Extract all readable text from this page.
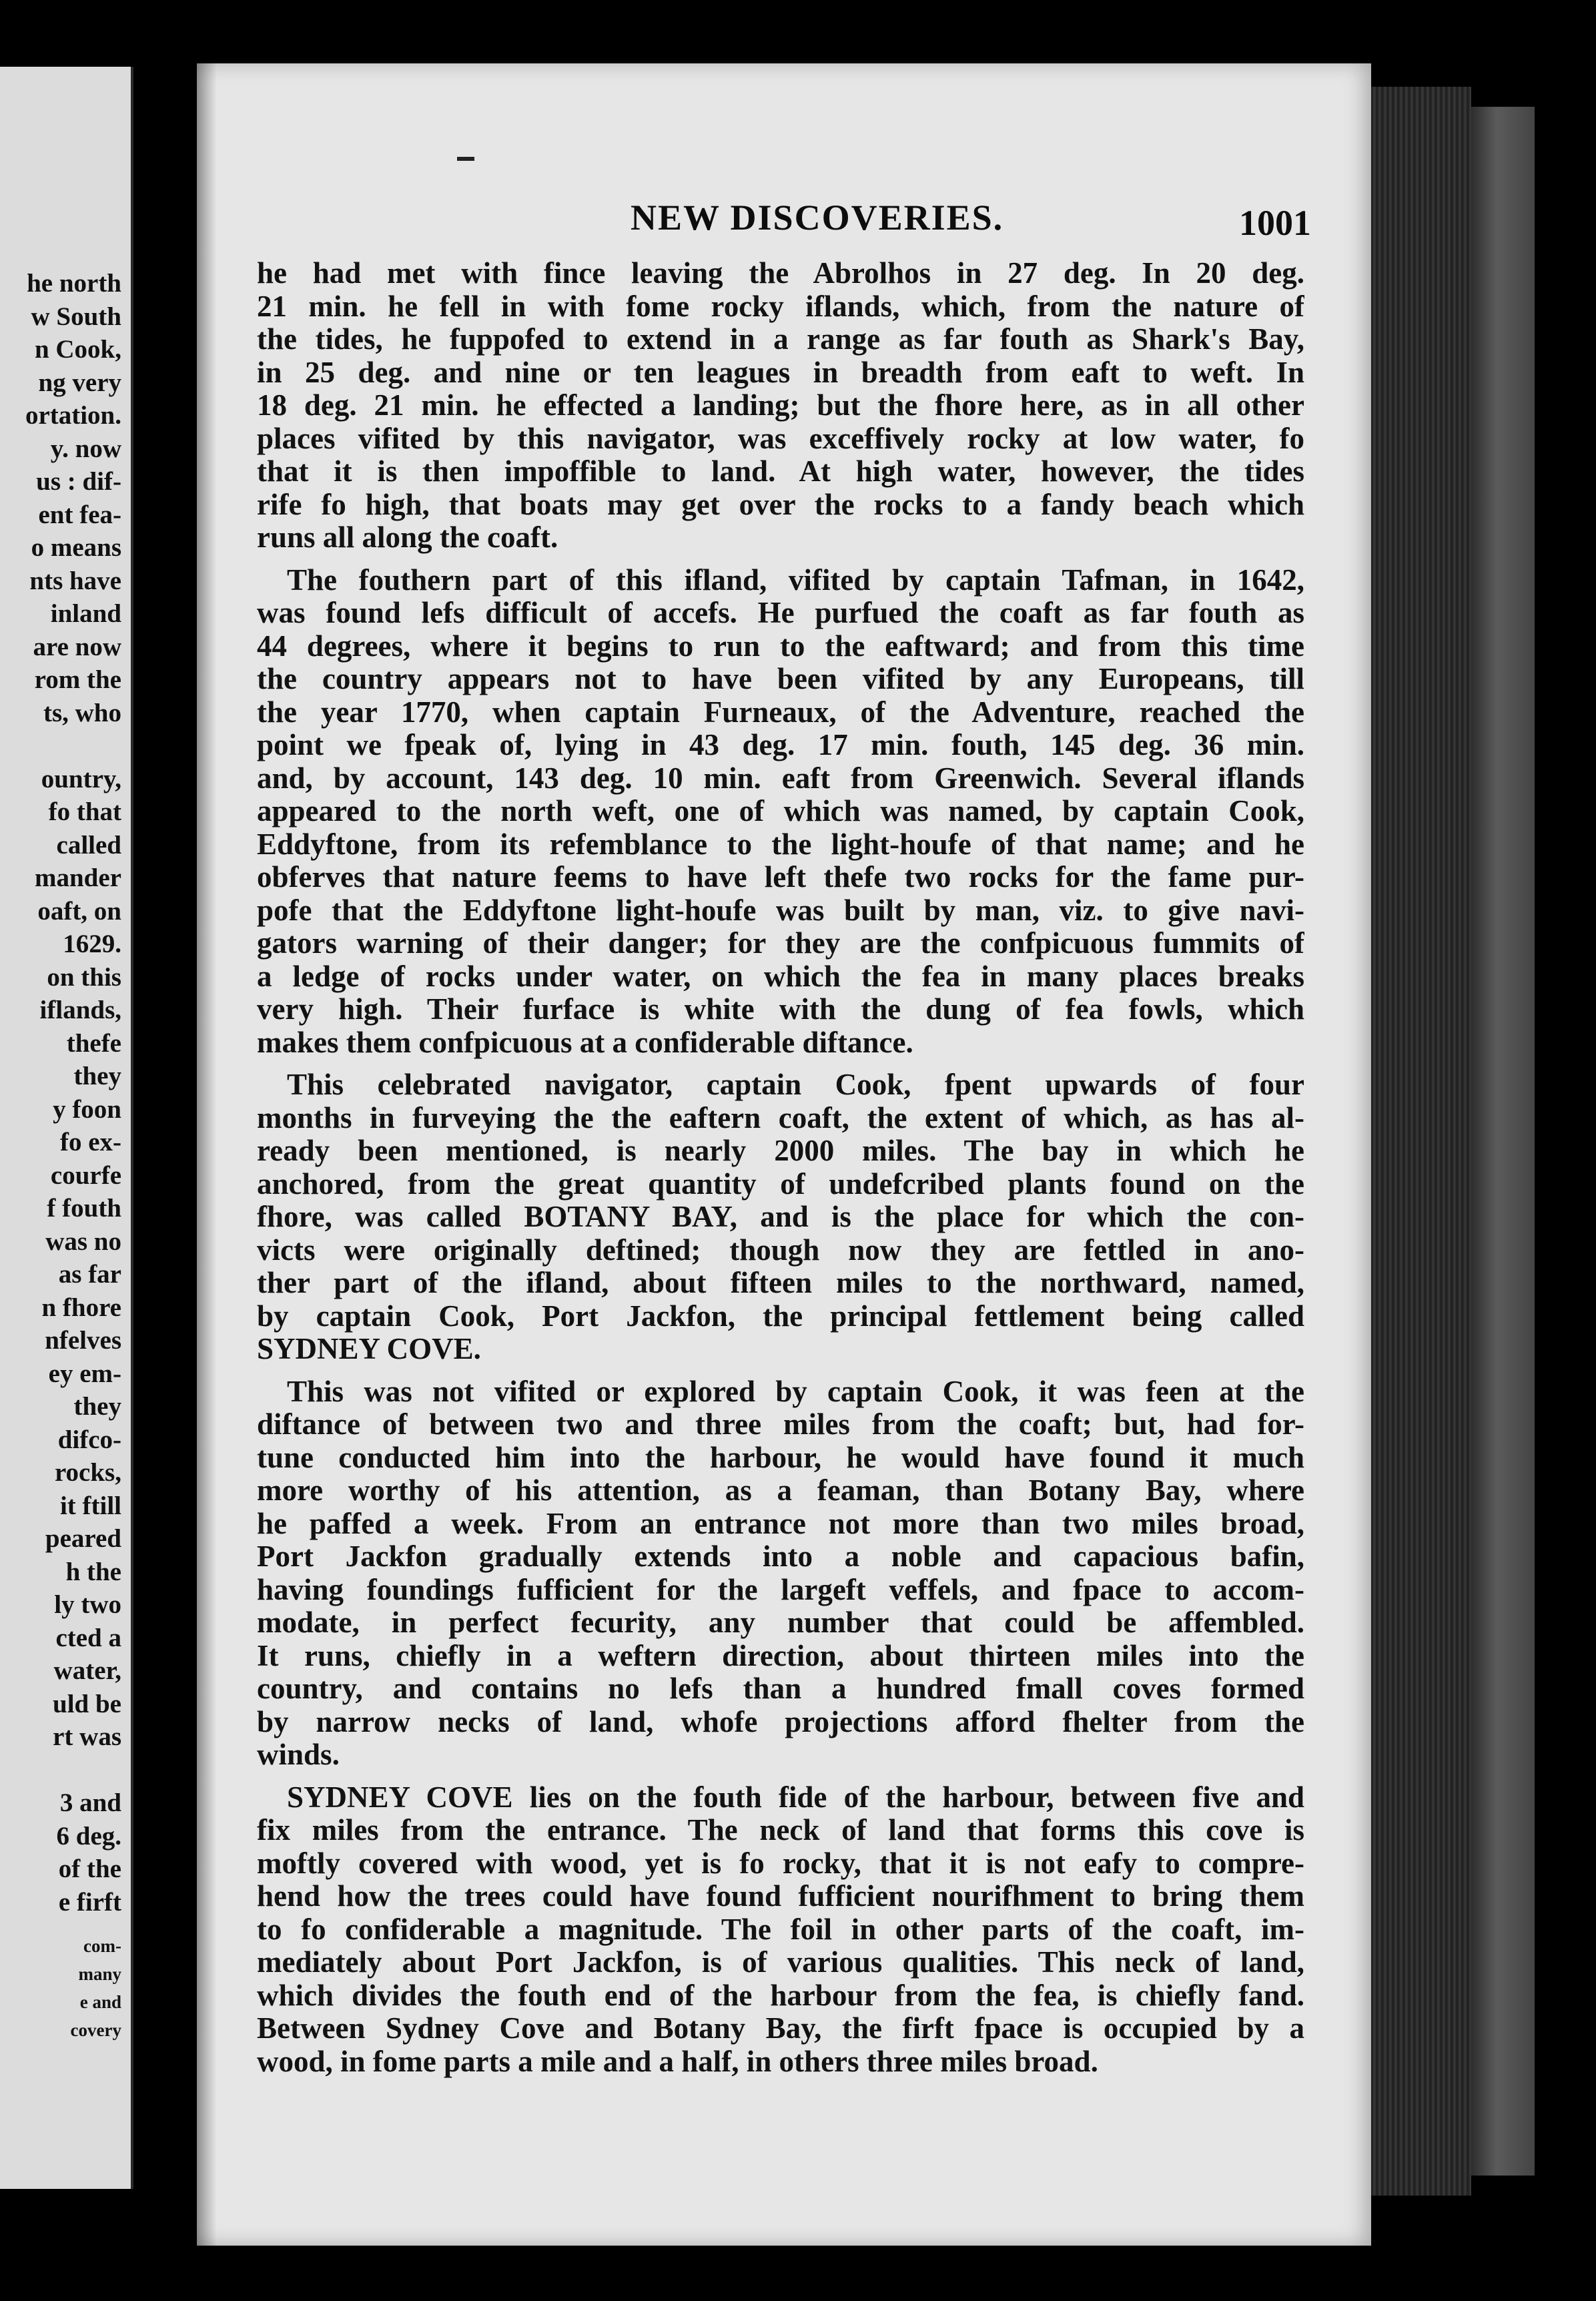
he north
w South
n Cook,
ng very
ortation.
y. now
us : dif-
ent fea-
o means
nts have
inland
are now
rom the
ts, who
ountry,
fo that
called
mander
oaft, on
1629.
on this
iflands,
thefe
they
y foon
fo ex-
courfe
f fouth
was no
as far
n fhore
nfelves
ey em-
they
difco-
rocks,
it ftill
peared
h the
ly two
cted a
water,
uld be
rt was
3 and
6 deg.
of the
e firft
com-
many
e and
covery
NEW DISCOVERIES.	1001
he had met with fince leaving the Abrolhos in 27 deg. In 20 deg.
21 min. he fell in with fome rocky iflands, which, from the nature of
the tides, he fuppofed to extend in a range as far fouth as Shark's Bay,
in 25 deg. and nine or ten leagues in breadth from eaft to weft. In
18 deg. 21 min. he effected a landing; but the fhore here, as in all other
places vifited by this navigator, was exceffively rocky at low water, fo
that it is then impoffible to land. At high water, however, the tides
rife fo high, that boats may get over the rocks to a fandy beach which
runs all along the coaft.
The fouthern part of this ifland, vifited by captain Tafman, in 1642,
was found lefs difficult of accefs. He purfued the coaft as far fouth as
44 degrees, where it begins to run to the eaftward; and from this time
the country appears not to have been vifited by any Europeans, till
the year 1770, when captain Furneaux, of the Adventure, reached the
point we fpeak of, lying in 43 deg. 17 min. fouth, 145 deg. 36 min.
and, by account, 143 deg. 10 min. eaft from Greenwich. Several iflands
appeared to the north weft, one of which was named, by captain Cook,
Eddyftone, from its refemblance to the light-houfe of that name; and he
obferves that nature feems to have left thefe two rocks for the fame pur-
pofe that the Eddyftone light-houfe was built by man, viz. to give navi-
gators warning of their danger; for they are the confpicuous fummits of
a ledge of rocks under water, on which the fea in many places breaks
very high. Their furface is white with the dung of fea fowls, which
makes them confpicuous at a confiderable diftance.
This celebrated navigator, captain Cook, fpent upwards of four
months in furveying the the eaftern coaft, the extent of which, as has al-
ready been mentioned, is nearly 2000 miles. The bay in which he
anchored, from the great quantity of undefcribed plants found on the
fhore, was called BOTANY BAY, and is the place for which the con-
victs were originally deftined; though now they are fettled in ano-
ther part of the ifland, about fifteen miles to the northward, named,
by captain Cook, Port Jackfon, the principal fettlement being called
SYDNEY COVE.
This was not vifited or explored by captain Cook, it was feen at the
diftance of between two and three miles from the coaft; but, had for-
tune conducted him into the harbour, he would have found it much
more worthy of his attention, as a feaman, than Botany Bay, where
he paffed a week. From an entrance not more than two miles broad,
Port Jackfon gradually extends into a noble and capacious bafin,
having foundings fufficient for the largeft veffels, and fpace to accom-
modate, in perfect fecurity, any number that could be affembled.
It runs, chiefly in a weftern direction, about thirteen miles into the
country, and contains no lefs than a hundred fmall coves formed
by narrow necks of land, whofe projections afford fhelter from the
winds.
SYDNEY COVE lies on the fouth fide of the harbour, between five and
fix miles from the entrance. The neck of land that forms this cove is
moftly covered with wood, yet is fo rocky, that it is not eafy to compre-
hend how the trees could have found fufficient nourifhment to bring them
to fo confiderable a magnitude. The foil in other parts of the coaft, im-
mediately about Port Jackfon, is of various qualities. This neck of land,
which divides the fouth end of the harbour from the fea, is chiefly fand.
Between Sydney Cove and Botany Bay, the firft fpace is occupied by a
wood, in fome parts a mile and a half, in others three miles broad.
